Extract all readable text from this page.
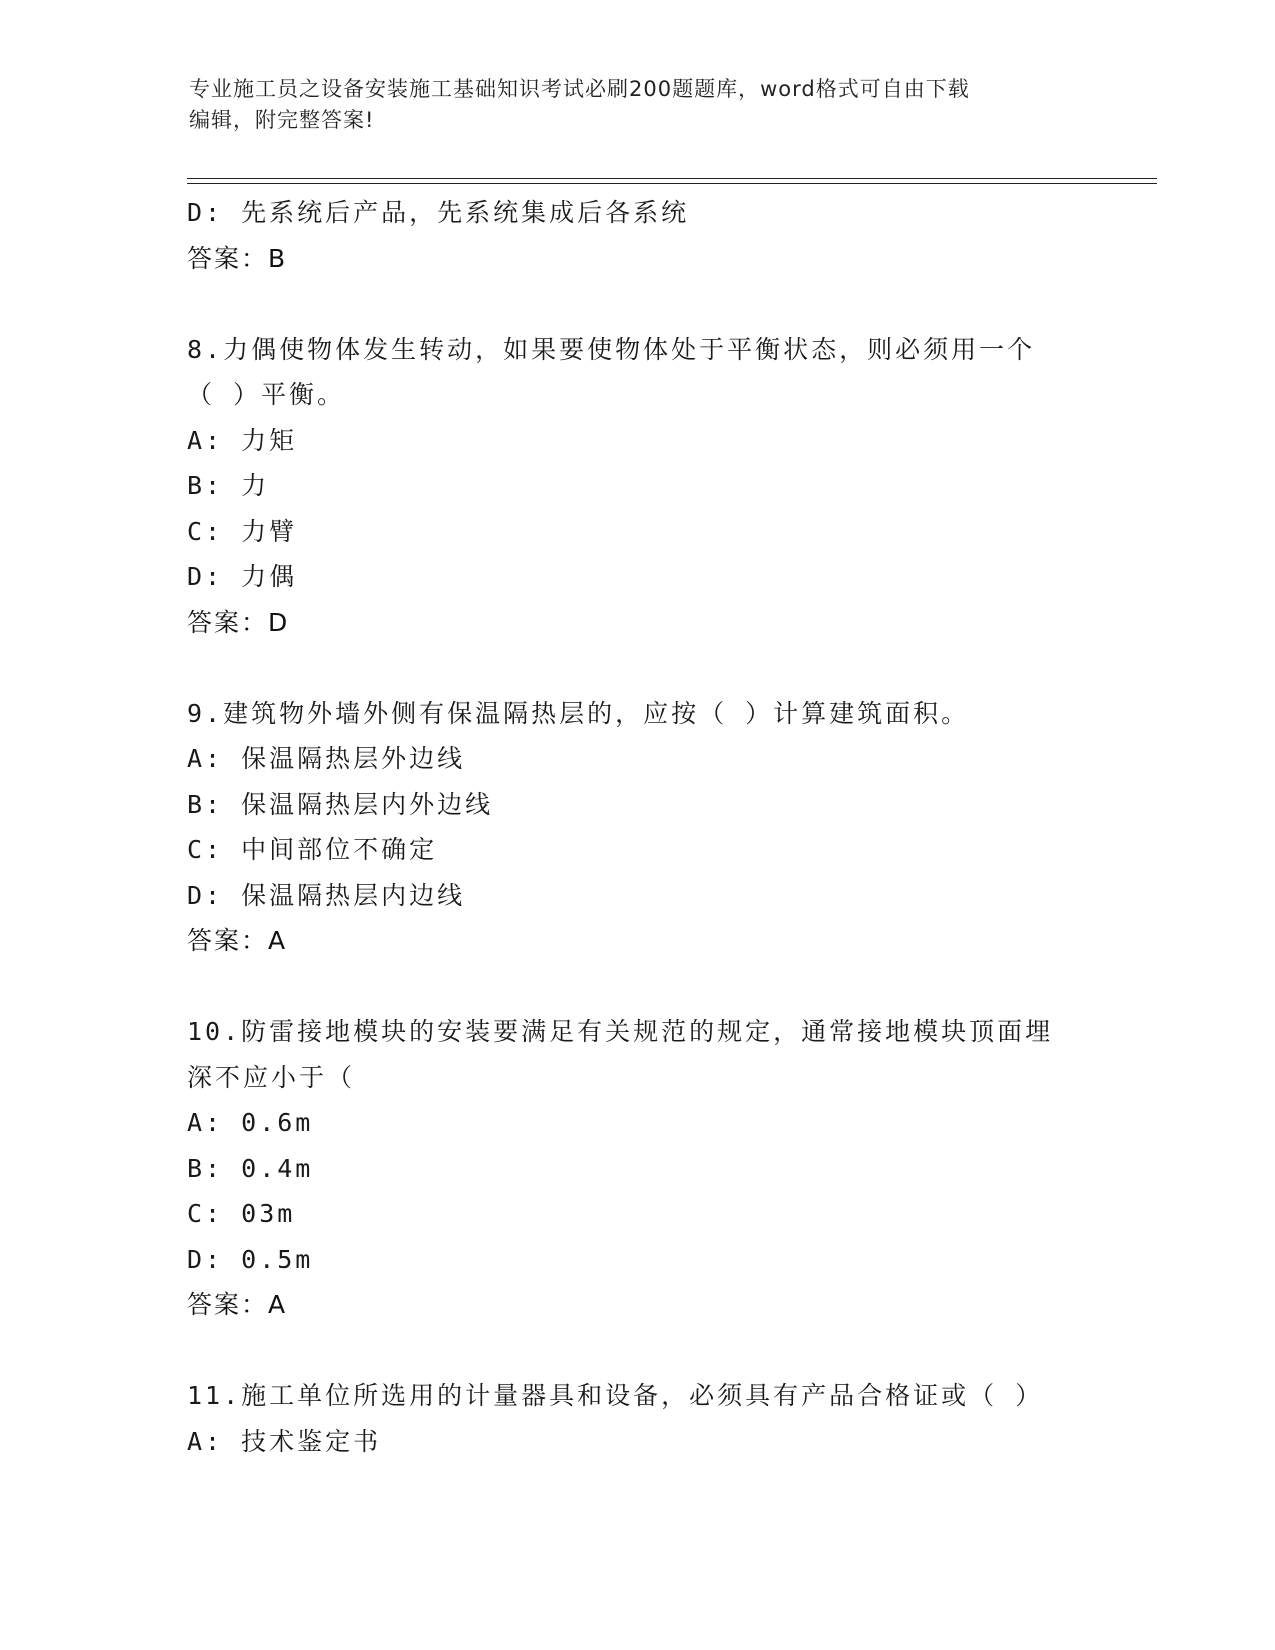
专业施工员之设备安装施工基础知识考试必刷200题题库，word格式可自由下载
编辑，附完整答案!
D: 先系统后产品，先系统集成后各系统
答案：B
8.力偶使物体发生转动，如果要使物体处于平衡状态，则必须用一个
（ ）平衡。
A: 力矩
B: 力
C: 力臂
D: 力偶
答案：D
9.建筑物外墙外侧有保温隔热层的，应按（ ）计算建筑面积。
A: 保温隔热层外边线
B: 保温隔热层内外边线
C: 中间部位不确定
D: 保温隔热层内边线
答案：A
10.防雷接地模块的安装要满足有关规范的规定，通常接地模块顶面埋
深不应小于（
A: 0.6m
B: 0.4m
C: 03m
D: 0.5m
答案：A
11.施工单位所选用的计量器具和设备，必须具有产品合格证或（ ）
A: 技术鉴定书
